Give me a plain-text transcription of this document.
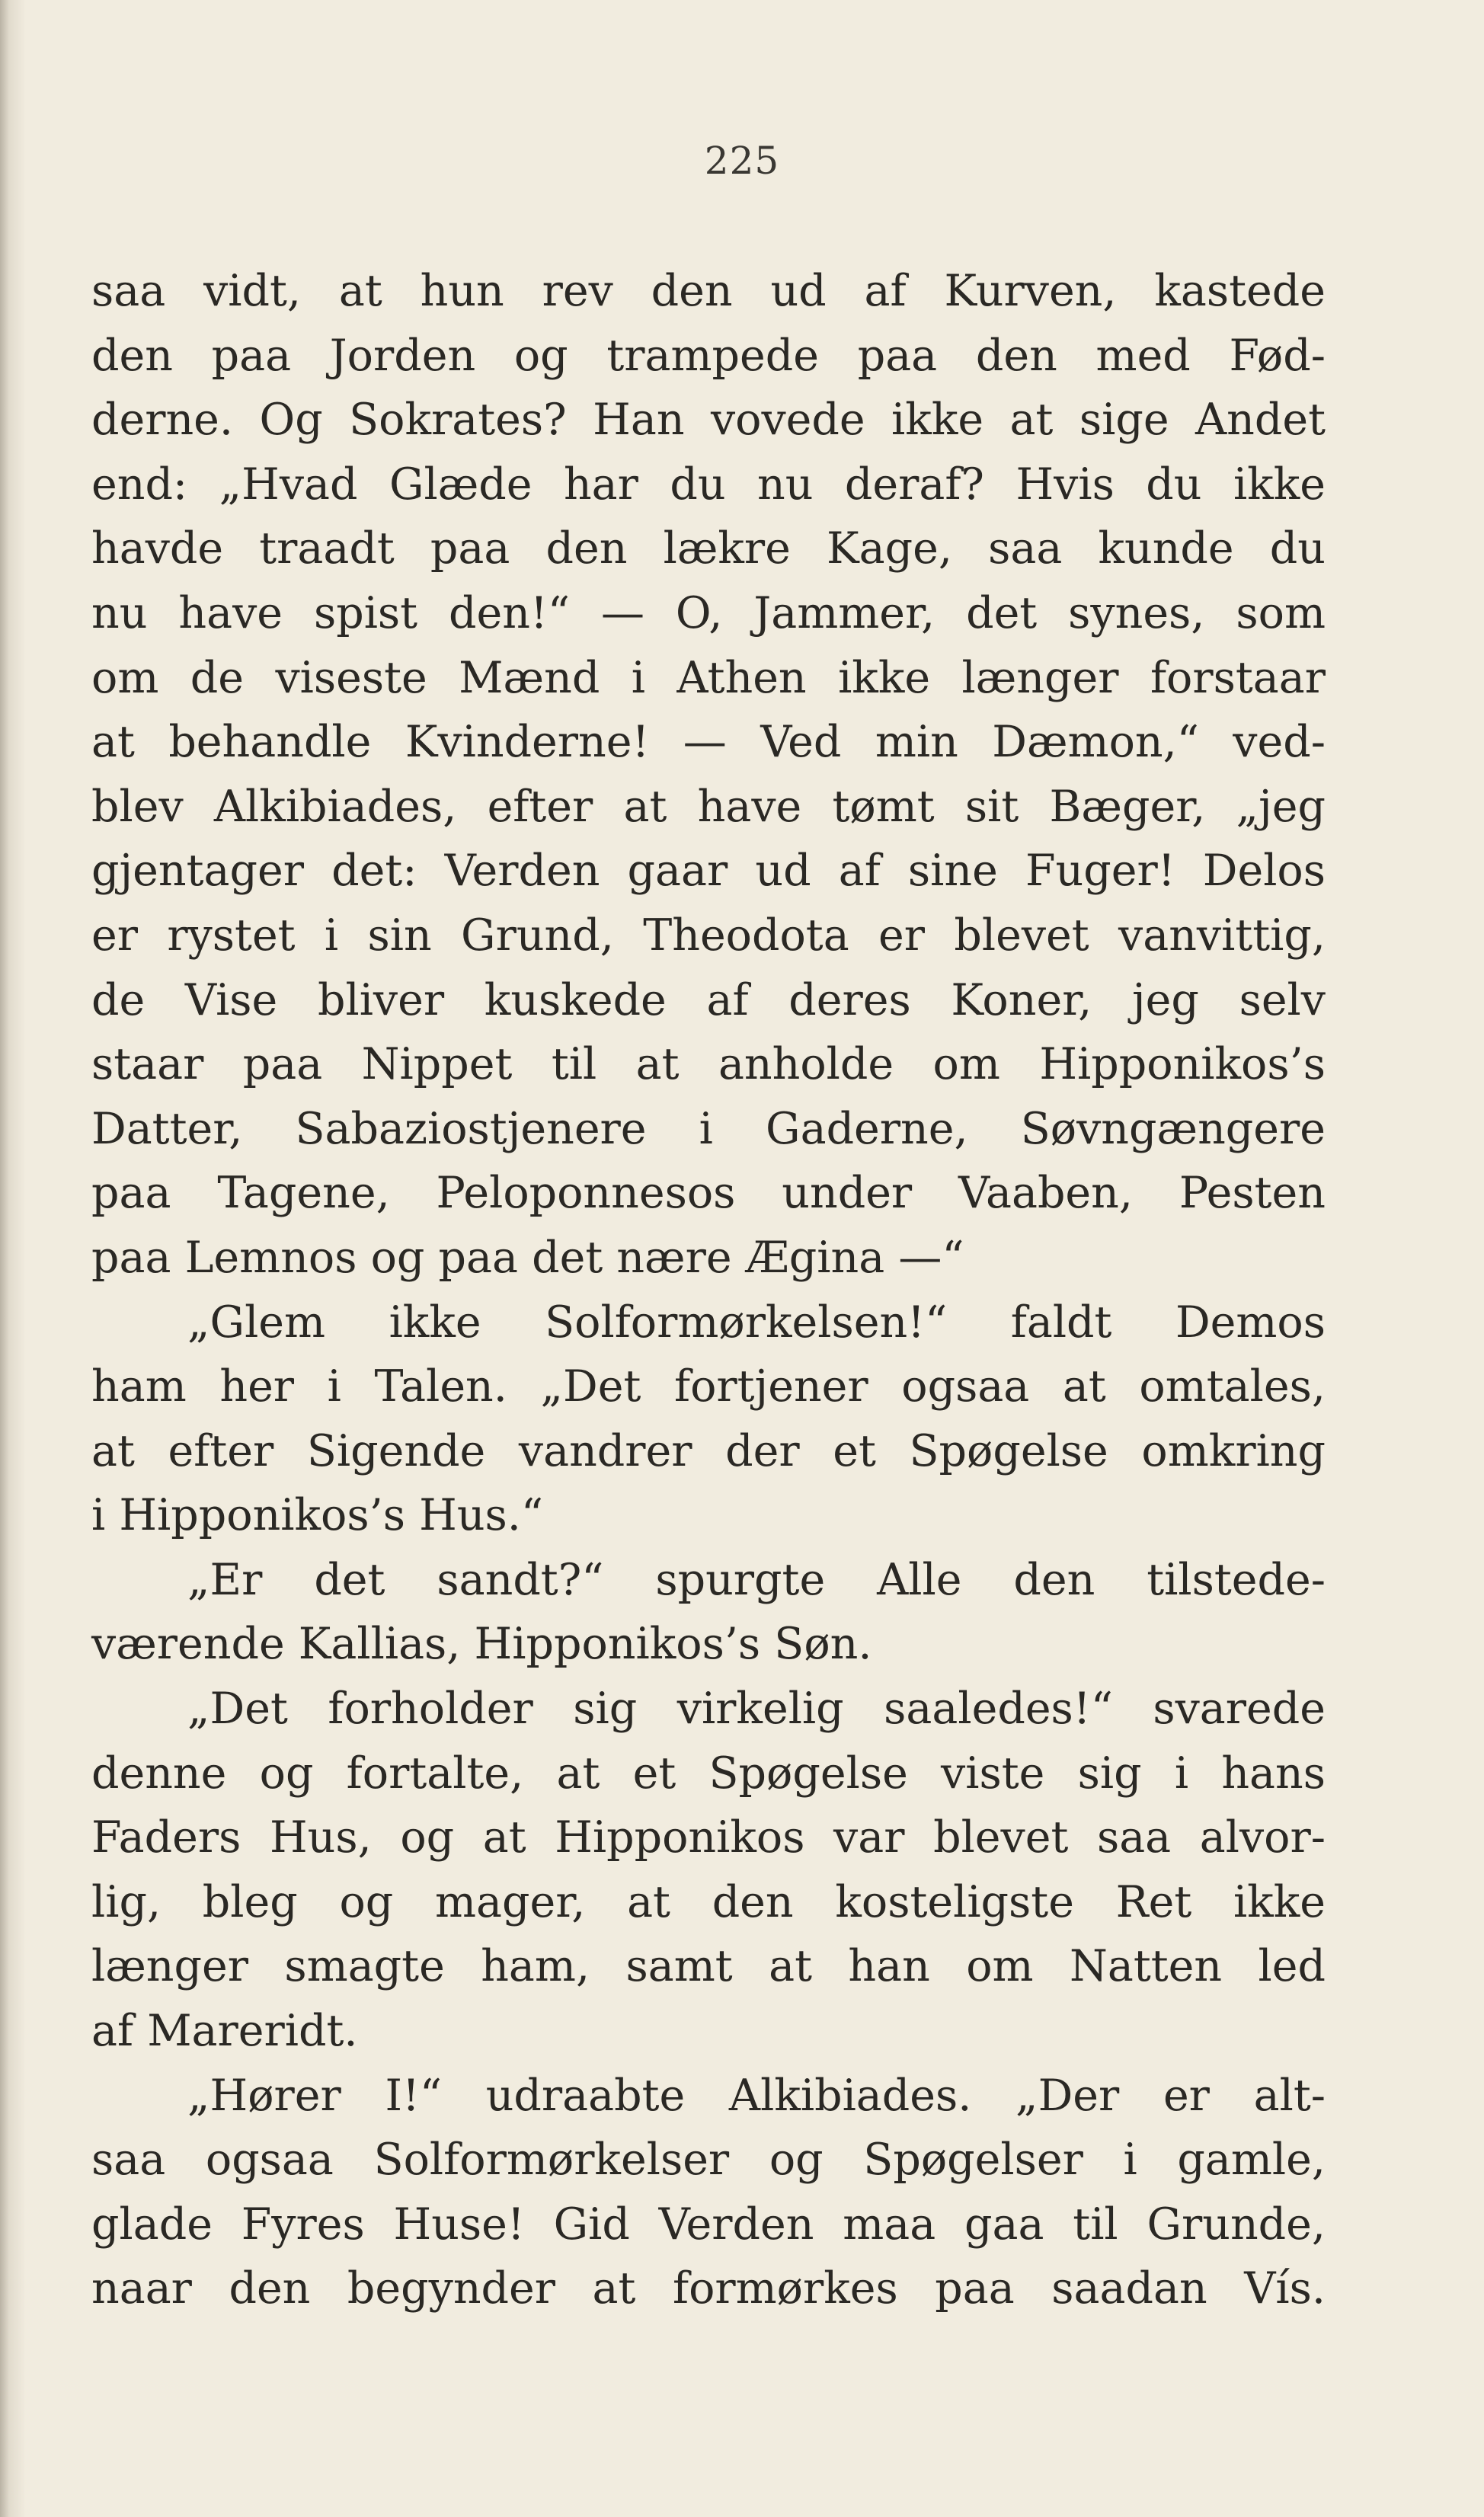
225
saa vidt, at hun rev den ud af Kurven, kastede
den paa Jorden og trampede paa den med Fød-
derne. Og Sokrates? Han vovede ikke at sige Andet
end: „Hvad Glæde har du nu deraf? Hvis du ikke
havde traadt paa den lækre Kage, saa kunde du
nu have spist den!“ — O, Jammer, det synes, som
om de viseste Mænd i Athen ikke længer forstaar
at behandle Kvinderne! — Ved min Dæmon,“ ved-
blev Alkibiades, efter at have tømt sit Bæger, „jeg
gjentager det: Verden gaar ud af sine Fuger! Delos
er rystet i sin Grund, Theodota er blevet vanvittig,
de Vise bliver kuskede af deres Koner, jeg selv
staar paa Nippet til at anholde om Hipponikos’s
Datter, Sabaziostjenere i Gaderne, Søvngængere
paa Tagene, Peloponnesos under Vaaben, Pesten
paa Lemnos og paa det nære Ægina —“
„Glem ikke Solformørkelsen!“ faldt Demos
ham her i Talen. „Det fortjener ogsaa at omtales,
at efter Sigende vandrer der et Spøgelse omkring
i Hipponikos’s Hus.“
„Er det sandt?“ spurgte Alle den tilstede-
værende Kallias, Hipponikos’s Søn.
„Det forholder sig virkelig saaledes!“ svarede
denne og fortalte, at et Spøgelse viste sig i hans
Faders Hus, og at Hipponikos var blevet saa alvor-
lig, bleg og mager, at den kosteligste Ret ikke
længer smagte ham, samt at han om Natten led
af Mareridt.
„Hører I!“ udraabte Alkibiades. „Der er alt-
saa ogsaa Solformørkelser og Spøgelser i gamle,
glade Fyres Huse! Gid Verden maa gaa til Grunde,
naar den begynder at formørkes paa saadan Vís.
